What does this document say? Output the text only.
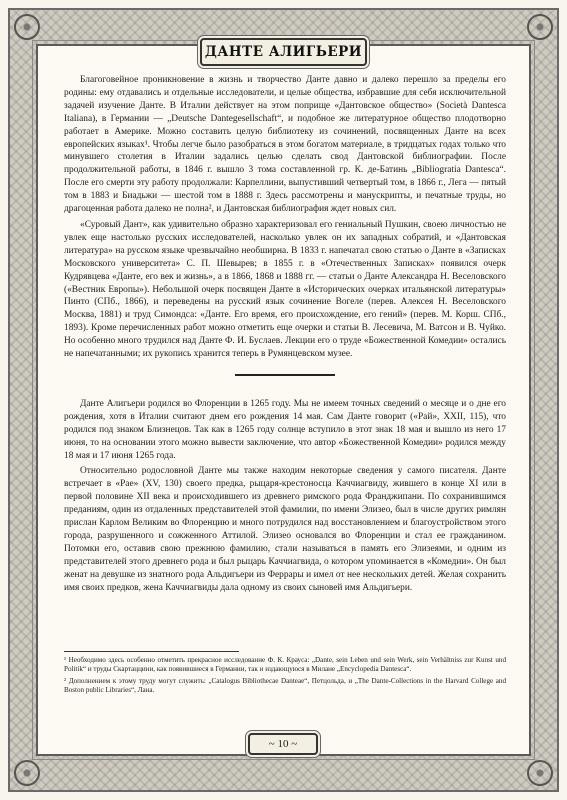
ДАНТЕ АЛИГЬЕРИ

Благоговейное проникновение в жизнь и творчество Данте давно и далеко перешло за пределы его родины: ему отдавались и отдельные исследователи, и целые общества, избравшие для себя исключительной задачей изучение Данте. В Италии действует на этом поприще «Дантовское общество» (Società Dantesca Italiana), в Германии — „Deutsche Dantegesellschaft“, и подобное же литературное общество плодотворно работает в Америке. Можно составить целую библиотеку из сочинений, посвященных Данте на всех европейских языках¹. Чтобы легче было разобраться в этом богатом материале, в тридцатых годах только что минувшего столетия в Италии задались целью сделать свод Дантовской библиографии. После продолжительной работы, в 1846 г. вышло 3 тома составленной гр. К. де-Батинь „Bibliogratia Dantesca“. После его смерти эту работу продолжали: Карпеллини, выпустивший четвертый том, в 1866 г., Лега — пятый том в 1883 и Биадьжи — шестой том в 1888 г. Здесь рассмотрены и манускрипты, и печатные труды, но драгоценная работа далеко не полна², и Дантовская библиография ждет новых сил.

«Суровый Дант», как удивительно образно характеризовал его гениальный Пушкин, своею личностью не увлек еще настолько русских исследователей, насколько увлек он их западных собратий, и «Дантовская литература» на русском языке чрезвычайно необширна. В 1833 г. напечатал свою статью о Данте в «Записках Московского университета» С. П. Шевырев; в 1855 г. в «Отечественных Записках» появился очерк Кудрявцева «Данте, его век и жизнь», а в 1866, 1868 и 1888 гг. — статьи о Данте Александра Н. Веселовского («Вестник Европы»). Небольшой очерк посвящен Данте в «Исторических очерках итальянской литературы» Пинто (СПб., 1866), и переведены на русский язык сочинение Вогеле (перев. Алексея Н. Веселовского Москва, 1881) и труд Симондса: «Данте. Его время, его происхождение, его гений» (перев. М. Корш. СПб., 1893). Кроме перечисленных работ можно отметить еще очерки и статьи В. Лесевича, М. Ватсон и В. Чуйко. Но особенно много трудился над Данте Ф. И. Буслаев. Лекции его о труде «Божественной Комедии» остались не напечатанными; их рукопись хранится теперь в Румянцевском музее.

Данте Алигьери родился во Флоренции в 1265 году. Мы не имеем точных сведений о месяце и о дне его рождения, хотя в Италии считают днем его рождения 14 мая. Сам Данте говорит («Рай», XXII, 115), что родился под знаком Близнецов. Так как в 1265 году солнце вступило в этот знак 18 мая и вышло из него 17 июня, то на основании этого можно вывести заключение, что автор «Божественной Комедии» родился между 18 мая и 17 июня 1265 года.

Относительно родословной Данте мы также находим некоторые сведения у самого писателя. Данте встречает в «Рае» (XV, 130) своего предка, рыцаря-крестоносца Каччиагвиду, жившего в конце XI или в первой половине XII века и происходившего из древнего римского рода Франджипани. По сохранившимся преданиям, один из отдаленных представителей этой фамилии, по имени Элизео, был в числе других римлян прислан Карлом Великим во Флоренцию и много потрудился над восстановлением и благоустройством этого города, разрушенного и сожженного Аттилой. Элизео основался во Флоренции и стал ее гражданином. Потомки его, оставив свою прежнюю фамилию, стали называться в память его Элизеями, и одним из представителей этого древнего рода и был рыцарь Каччиагвида, о котором упоминается в «Комедии». Он был женат на девушке из знатного рода Альдигьери из Феррары и имел от нее нескольких детей. Желая сохранить имя своих предков, жена Каччиагвиды дала одному из своих сыновей имя Альдигьери.

¹ Необходимо здесь особенно отметить прекрасное исследование Ф. К. Крауса: „Dante, sein Leben und sein Werk, sein Verhältniss zur Kunst und Politik“ и труды Скартаццини, как появившиеся в Германии, так и издающуюся в Милане „Encyclopedia Dantesca“.

² Дополнением к этому труду могут служить: „Catalogus Bibliothecae Danteae“, Петцольда, и „The Dante-Collections in the Harvard College and Boston public Libraries“, Лана.

~ 10 ~
